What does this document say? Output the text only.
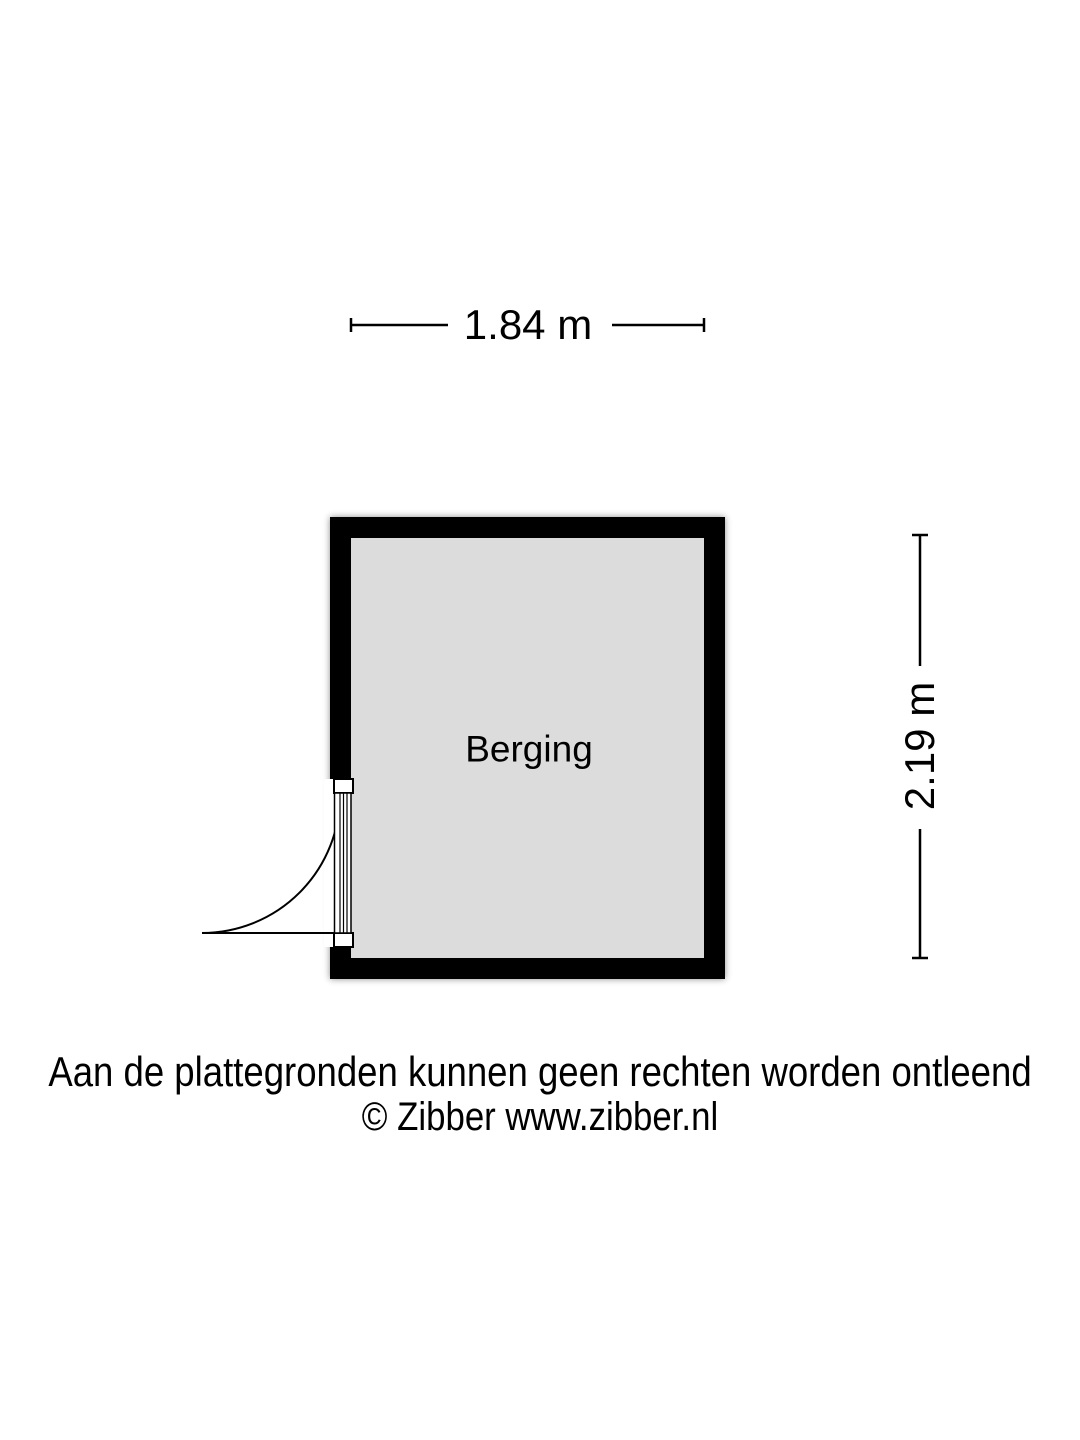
1.84 m
2.19 m
Berging
Aan de plattegronden kunnen geen rechten worden ontleend
© Zibber www.zibber.nl
